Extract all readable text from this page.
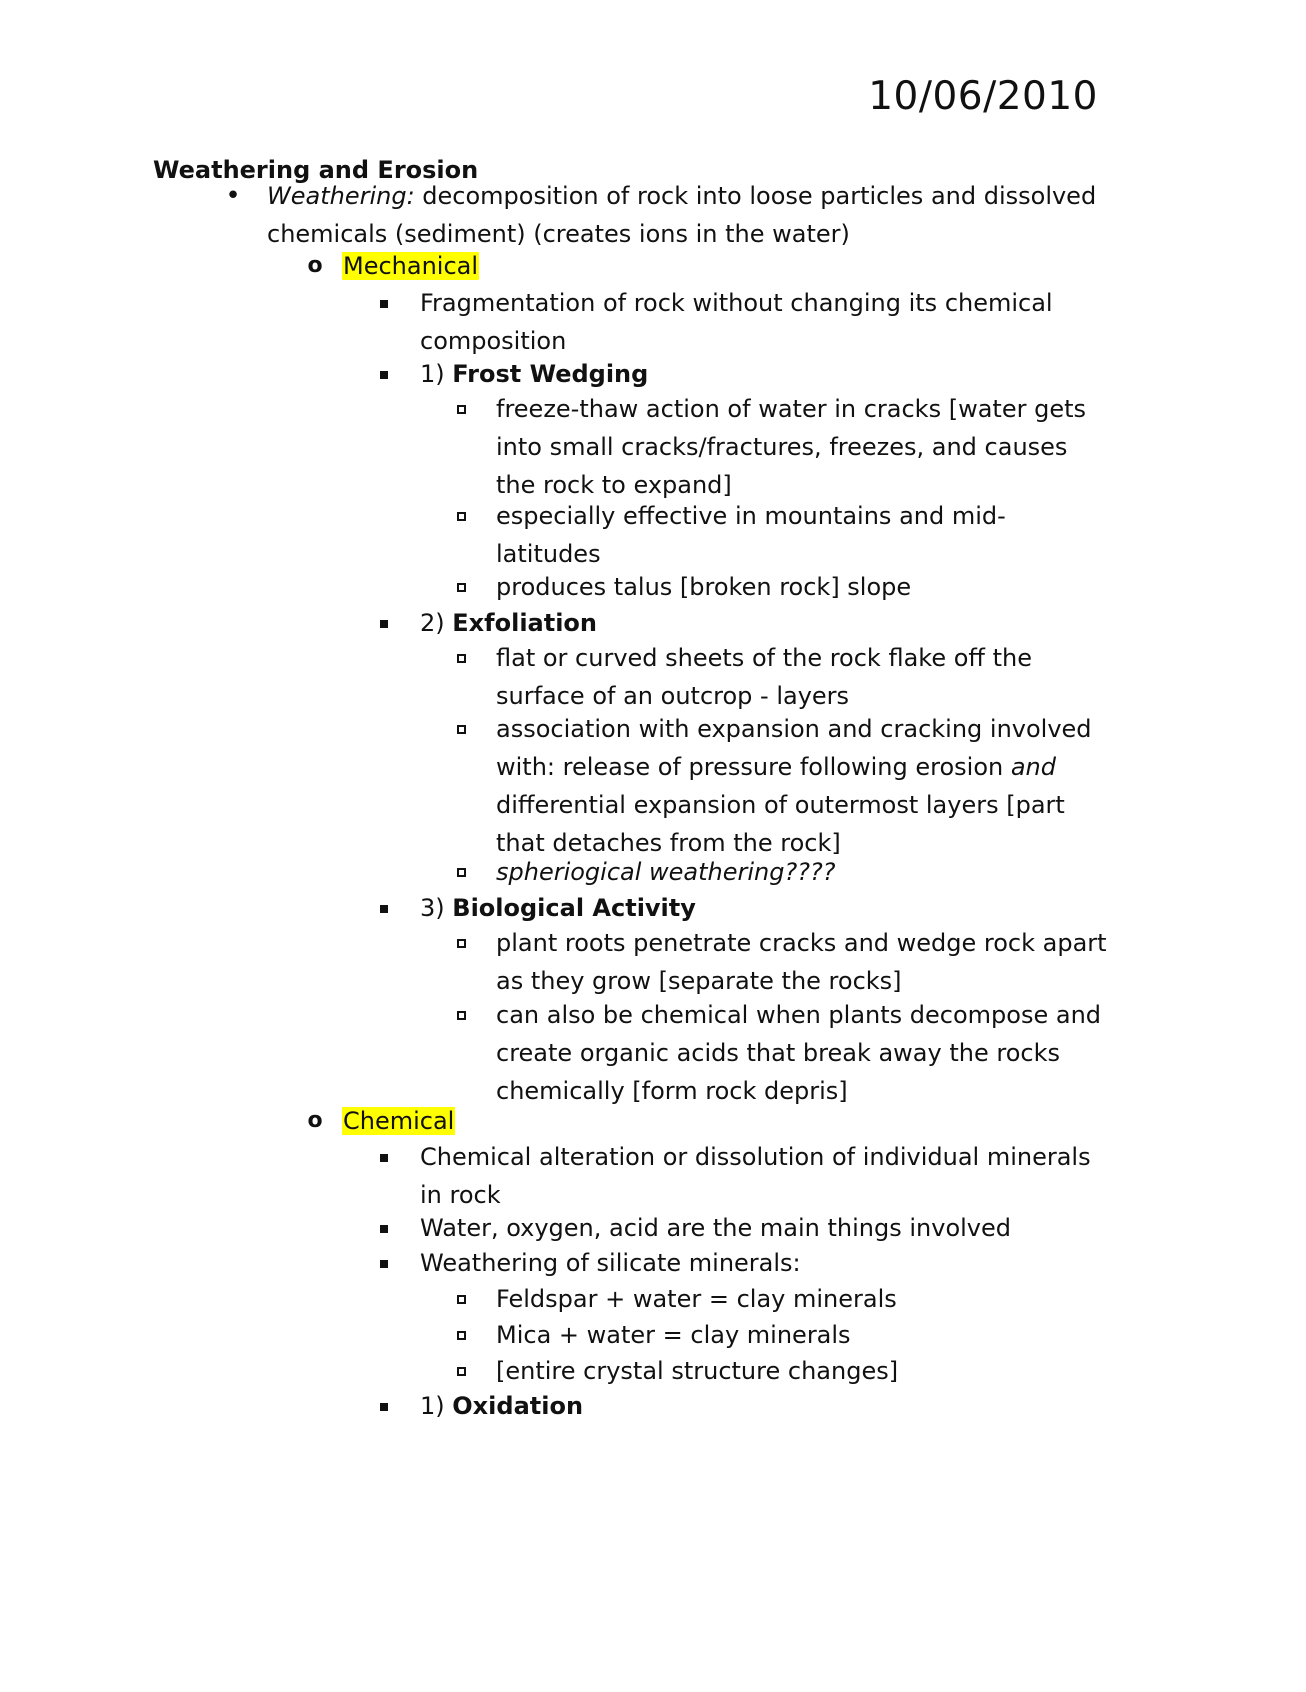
10/06/2010
Weathering and Erosion
• Weathering: decomposition of rock into loose particles and dissolved chemicals (sediment) (creates ions in the water)
o Mechanical
Fragmentation of rock without changing its chemical composition
1) Frost Wedging
freeze-thaw action of water in cracks [water gets into small cracks/fractures, freezes, and causes the rock to expand]
especially effective in mountains and mid-latitudes
produces talus [broken rock] slope
2) Exfoliation
flat or curved sheets of the rock flake off the surface of an outcrop - layers
association with expansion and cracking involved with: release of pressure following erosion and differential expansion of outermost layers [part that detaches from the rock]
spheriogical weathering????
3) Biological Activity
plant roots penetrate cracks and wedge rock apart as they grow [separate the rocks]
can also be chemical when plants decompose and create organic acids that break away the rocks chemically [form rock depris]
o Chemical
Chemical alteration or dissolution of individual minerals in rock
Water, oxygen, acid are the main things involved
Weathering of silicate minerals:
Feldspar + water = clay minerals
Mica + water = clay minerals
[entire crystal structure changes]
1) Oxidation
